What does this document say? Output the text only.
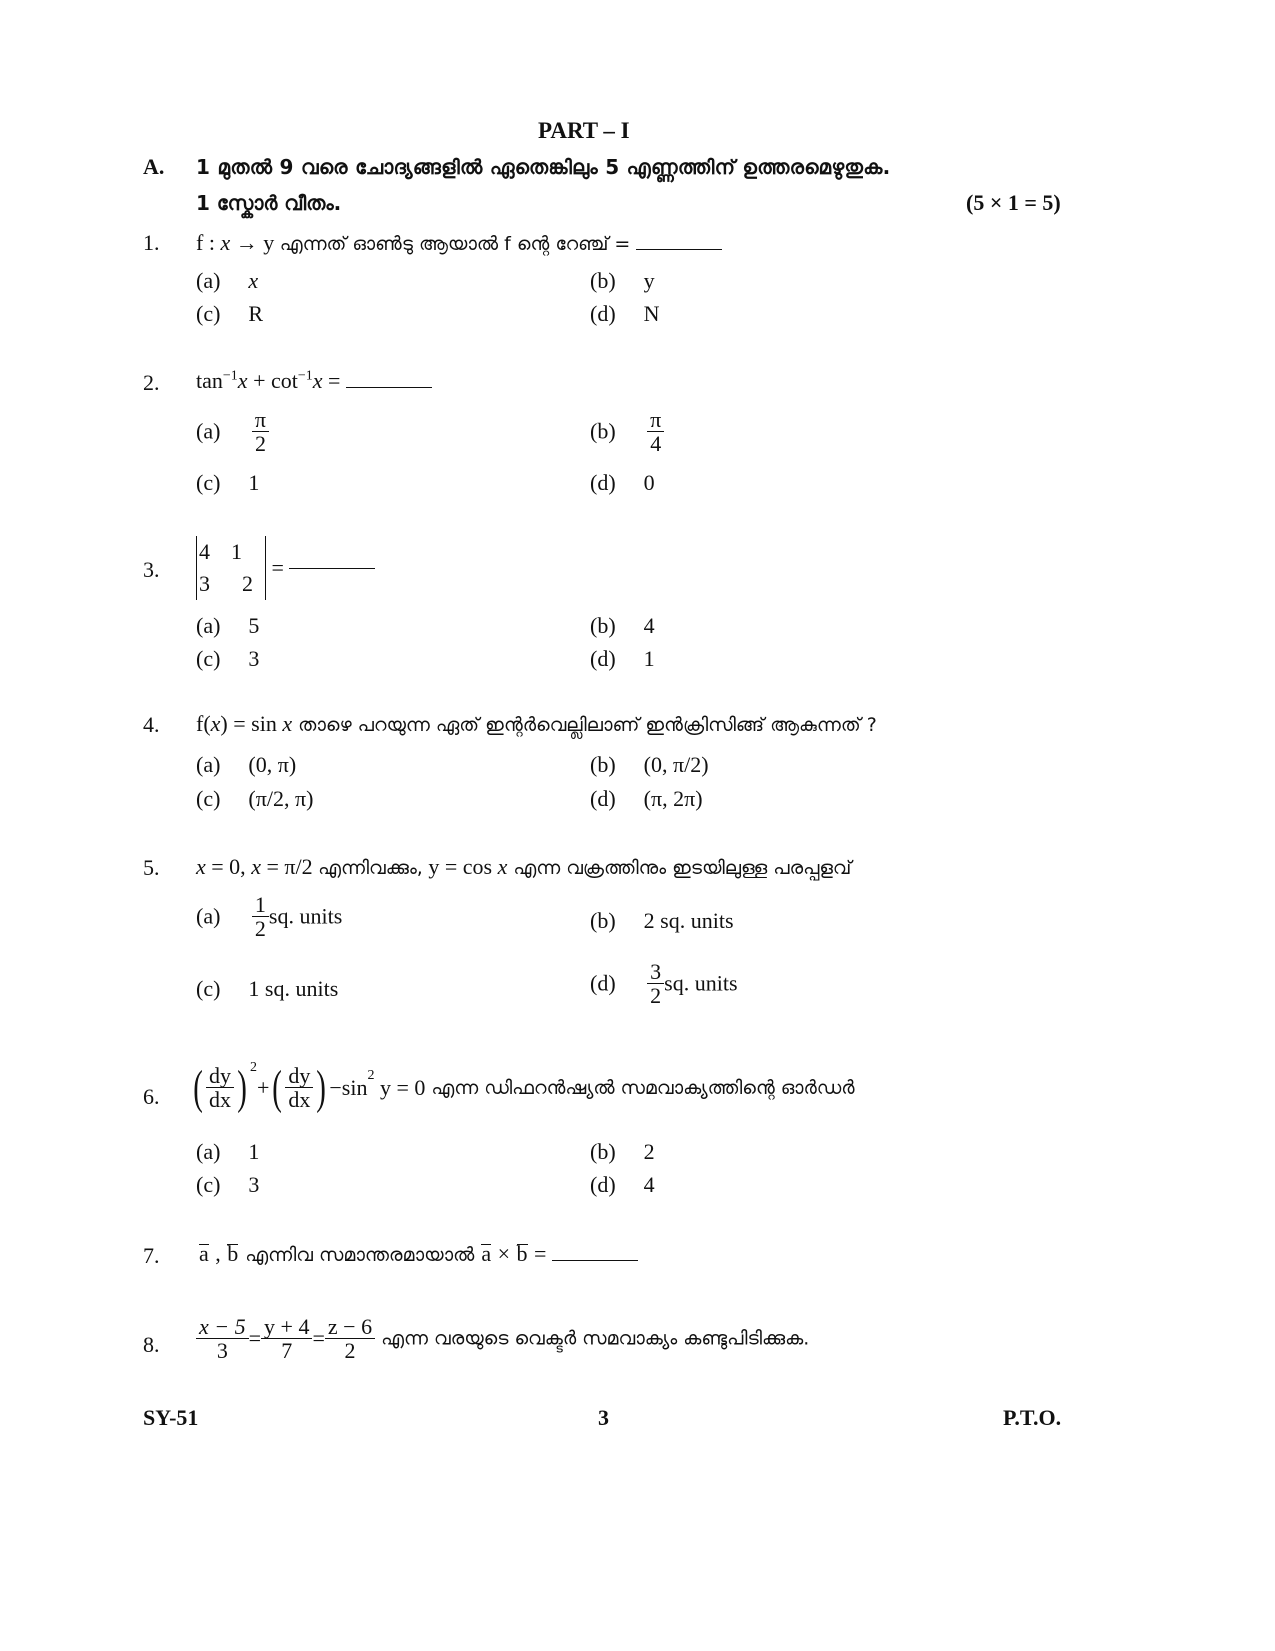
PART – I
A. 1 മുതൽ 9 വരെ ചോദ്യങ്ങളിൽ ഏതെങ്കിലും 5 എണ്ണത്തിന് ഉത്തരമെഴുതുക.
1 സ്കോർ വീതം.	(5 × 1 = 5)
1. f : x → y എന്നത് ഓൺടു ആയാൽ f ന്റെ റേഞ്ച് =
(a) x	(b) y
(c) R	(d) N
2. $\tan^{-1}x + \cot^{-1}x$ =
$(a) \frac{\pi}{2}$	$(b) \frac{\pi}{4}$
(c) 1	(d) 0
3.
4 1
3 2 =
(a) 5	(b) 4
(c) 3	(d) 1
4. f(x) = sin x താഴെ പറയുന്ന ഏത് ഇന്റർവെല്ലിലാണ് ഇൻക്രിസിങ്ങ് ആകുന്നത് ?
(a) (0, π)	(b) (0, π/2)
(c) (π/2, π)	(d) (π, 2π)
5. x = 0, x = π/2 എന്നിവക്കും, y = cos x എന്ന വക്രത്തിനും ഇടയിലുള്ള പരപ്പളവ്
$(a) \frac{1}{2}$ sq. units	(b) 2 sq. units
(c) 1 sq. units	$(d) \frac{3}{2}$ sq. units
6. ( $\frac{dy}{dx}$ ) $^2+( \frac{dy}{dx}$ ) $-\sin^2$ y = 0 എന്ന ഡിഫറൻഷ്യൽ സമവാക്യത്തിന്റെ ഓർഡർ
(a) 1	(b) 2
(c) 3	(d) 4
7. a , b എന്നിവ സമാന്തരമായാൽ a × b =
8. $\frac{x - 5}{3} = \frac{y + 4}{7} = \frac{z - 6}{2}$ എന്ന വരയുടെ വെക്ടർ സമവാക്യം കണ്ടുപിടിക്കുക.
SY-51	3	P.T.O.
